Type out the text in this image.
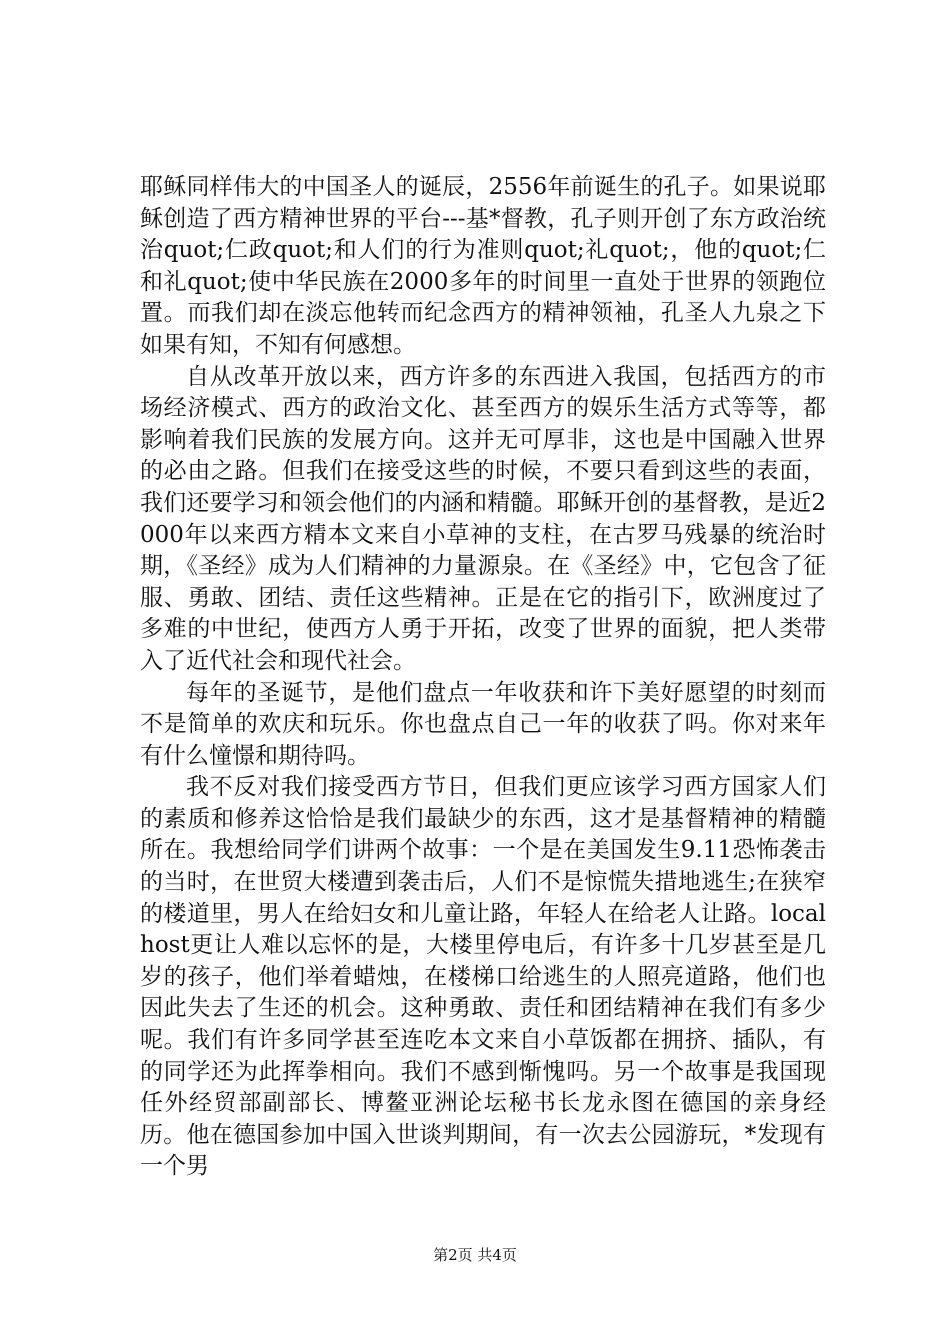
耶稣同样伟大的中国圣人的诞辰，2556年前诞生的孔子。如果说耶稣创造了西方精神世界的平台---基*督教，孔子则开创了东方政治统治quot;仁政quot;和人们的行为准则quot;礼quot;，他的quot;仁和礼quot;使中华民族在2000多年的时间里一直处于世界的领跑位置。而我们却在淡忘他转而纪念西方的精神领袖，孔圣人九泉之下如果有知，不知有何感想。

自从改革开放以来，西方许多的东西进入我国，包括西方的市场经济模式、西方的政治文化、甚至西方的娱乐生活方式等等，都影响着我们民族的发展方向。这并无可厚非，这也是中国融入世界的必由之路。但我们在接受这些的时候，不要只看到这些的表面，我们还要学习和领会他们的内涵和精髓。耶稣开创的基督教，是近2000年以来西方精本文来自小草神的支柱，在古罗马残暴的统治时期，《圣经》成为人们精神的力量源泉。在《圣经》中，它包含了征服、勇敢、团结、责任这些精神。正是在它的指引下，欧洲度过了多难的中世纪，使西方人勇于开拓，改变了世界的面貌，把人类带入了近代社会和现代社会。

每年的圣诞节，是他们盘点一年收获和许下美好愿望的时刻而不是简单的欢庆和玩乐。你也盘点自己一年的收获了吗。你对来年有什么憧憬和期待吗。

我不反对我们接受西方节日，但我们更应该学习西方国家人们的素质和修养这恰恰是我们最缺少的东西，这才是基督精神的精髓所在。我想给同学们讲两个故事：一个是在美国发生9.11恐怖袭击的当时，在世贸大楼遭到袭击后，人们不是惊慌失措地逃生;在狭窄的楼道里，男人在给妇女和儿童让路，年轻人在给老人让路。localhost更让人难以忘怀的是，大楼里停电后，有许多十几岁甚至是几岁的孩子，他们举着蜡烛，在楼梯口给逃生的人照亮道路，他们也因此失去了生还的机会。这种勇敢、责任和团结精神在我们有多少呢。我们有许多同学甚至连吃本文来自小草饭都在拥挤、插队，有的同学还为此挥拳相向。我们不感到惭愧吗。另一个故事是我国现任外经贸部副部长、博鳌亚洲论坛秘书长龙永图在德国的亲身经历。他在德国参加中国入世谈判期间，有一次去公园游玩，*发现有一个男

第2页 共4页
